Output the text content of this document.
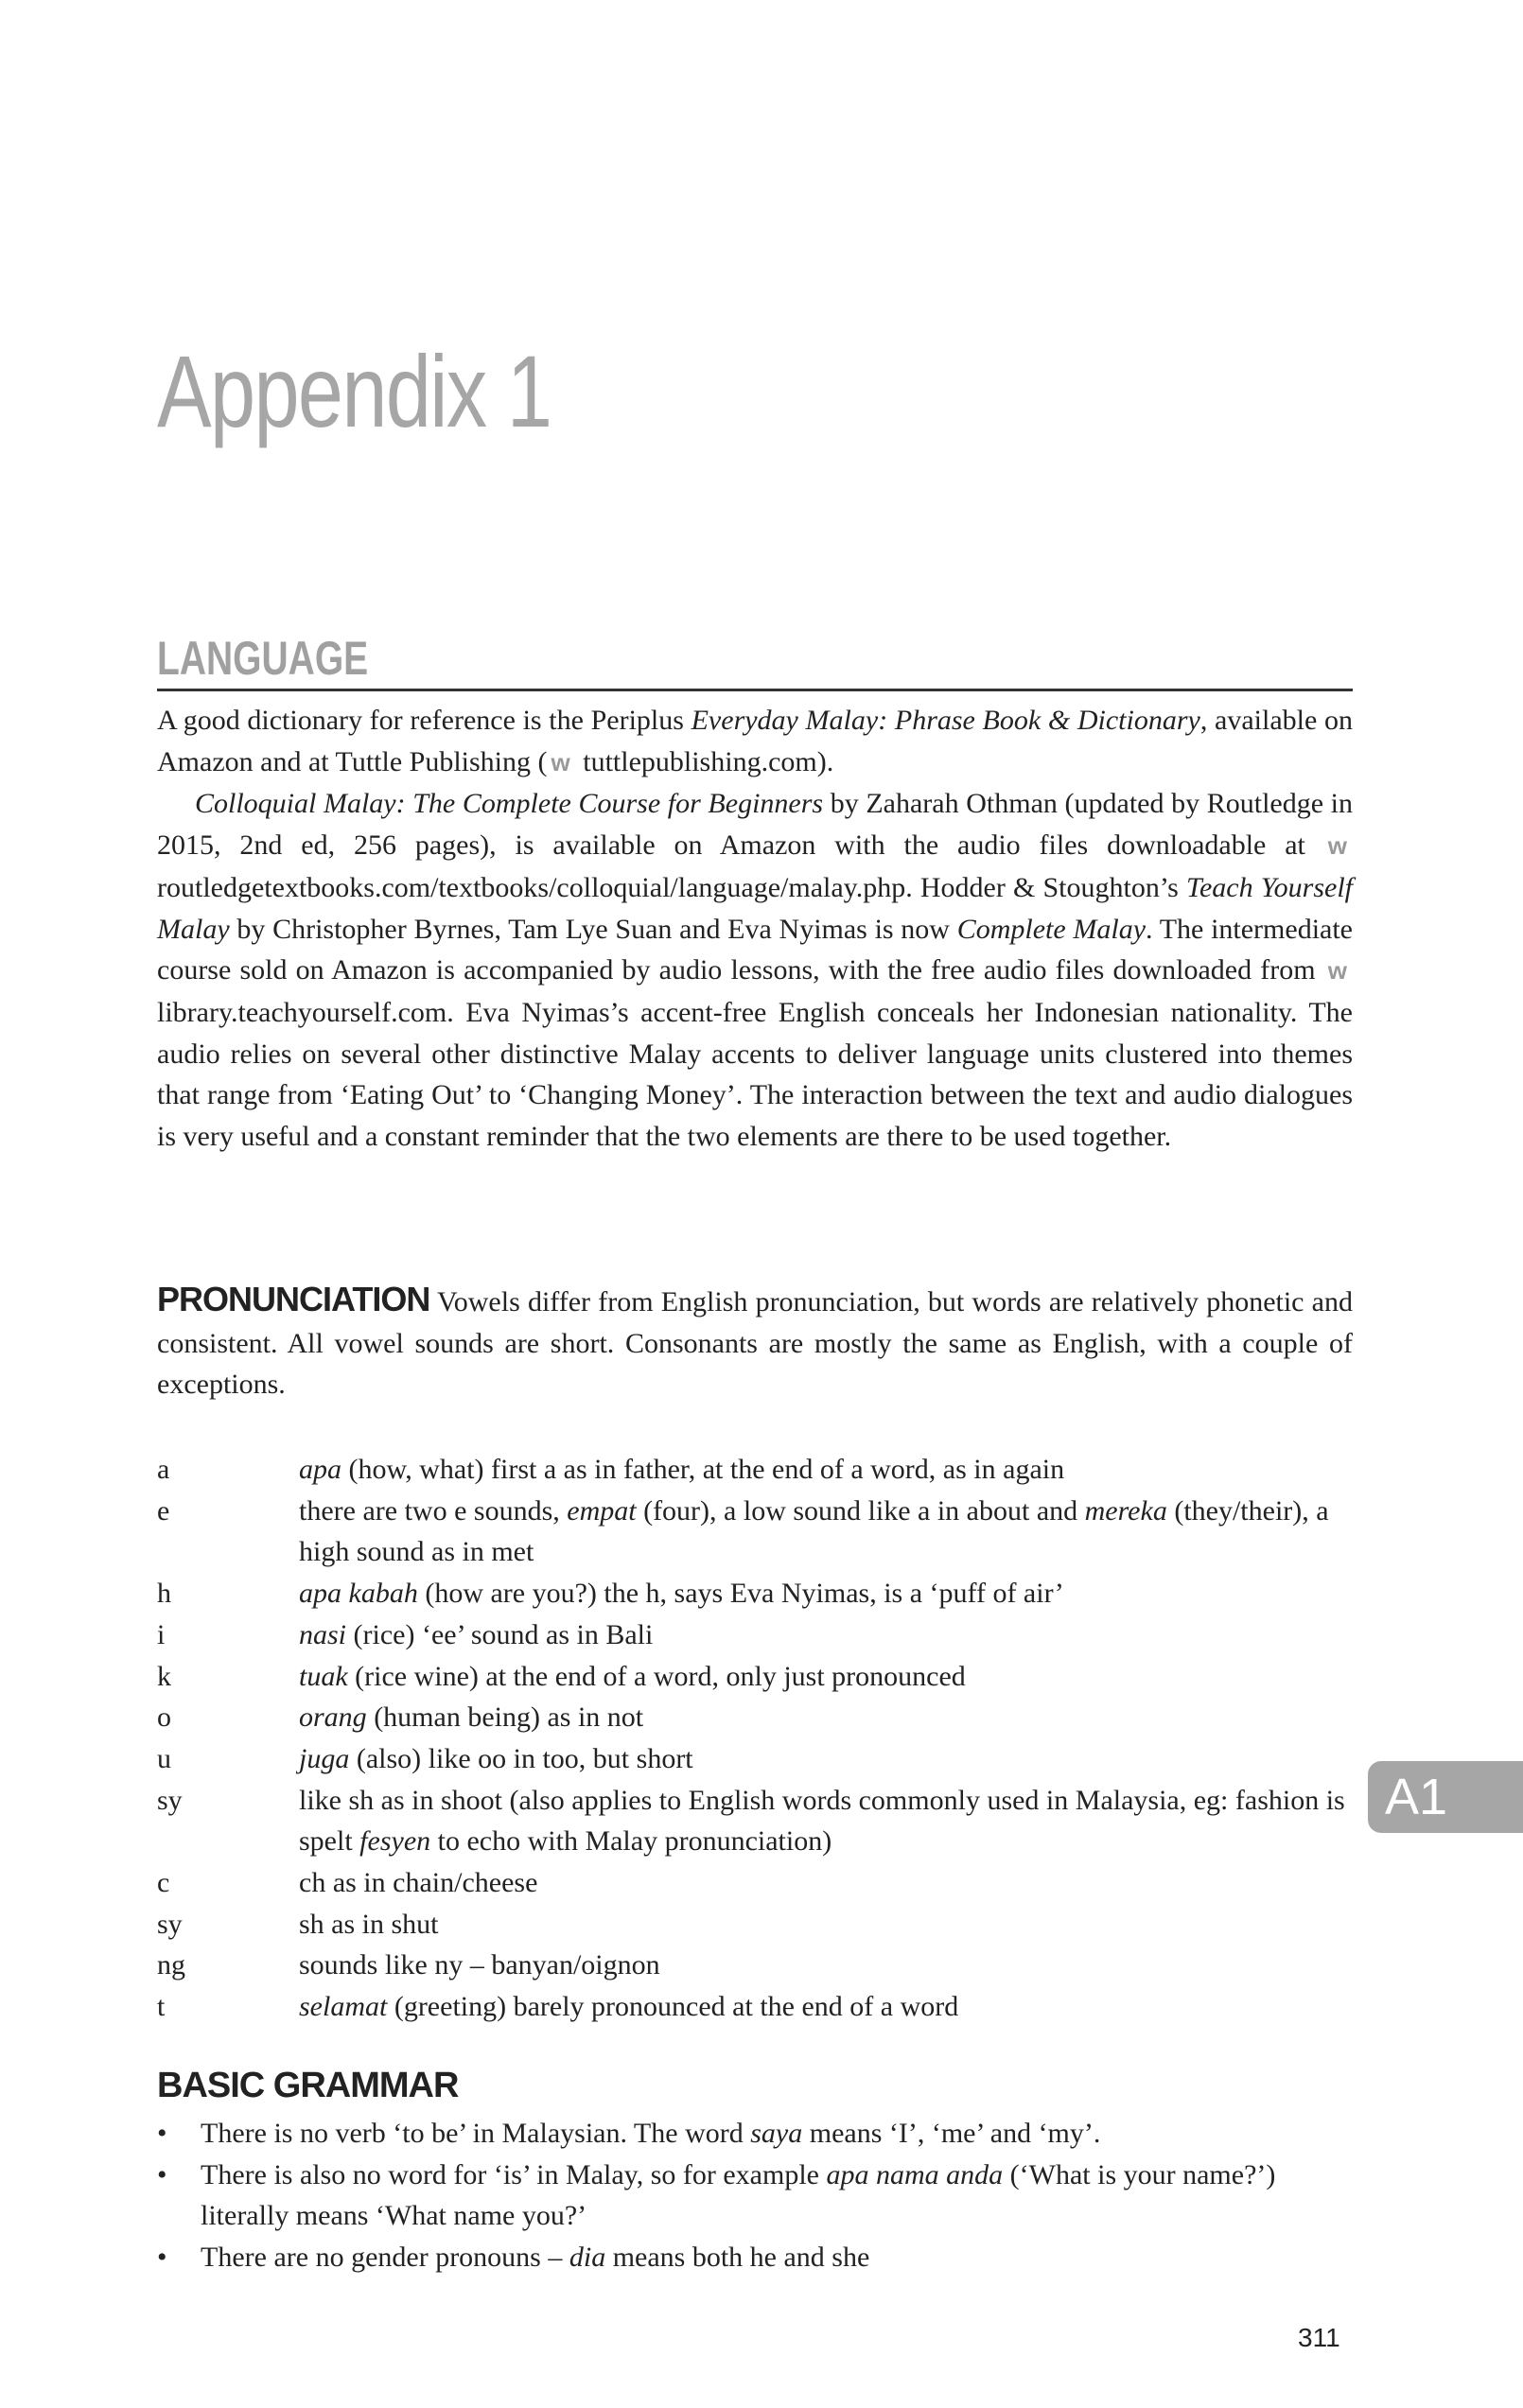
Appendix 1
LANGUAGE

A good dictionary for reference is the Periplus Everyday Malay: Phrase Book & Dictionary, available on Amazon and at Tuttle Publishing ( w tuttlepublishing.com).

Colloquial Malay: The Complete Course for Beginners by Zaharah Othman (updated by Routledge in 2015, 2nd ed, 256 pages), is available on Amazon with the audio files downloadable at w routledgetextbooks.com/textbooks/colloquial/language/malay.php. Hodder & Stoughton’s Teach Yourself Malay by Christopher Byrnes, Tam Lye Suan and Eva Nyimas is now Complete Malay. The intermediate course sold on Amazon is accompanied by audio lessons, with the free audio files downloaded from w library.teachyourself.com. Eva Nyimas’s accent-free English conceals her Indonesian nationality. The audio relies on several other distinctive Malay accents to deliver language units clustered into themes that range from ‘Eating Out’ to ‘Changing Money’. The interaction between the text and audio dialogues is very useful and a constant reminder that the two elements are there to be used together.

PRONUNCIATION Vowels differ from English pronunciation, but words are relatively phonetic and consistent. All vowel sounds are short. Consonants are mostly the same as English, with a couple of exceptions.

a	apa (how, what) first a as in father, at the end of a word, as in again
e	there are two e sounds, empat (four), a low sound like a in about and mereka (they/their), a high sound as in met
h	apa kabah (how are you?) the h, says Eva Nyimas, is a ‘puff of air’
i	nasi (rice) ‘ee’ sound as in Bali
k	tuak (rice wine) at the end of a word, only just pronounced
o	orang (human being) as in not
u	juga (also) like oo in too, but short
sy	like sh as in shoot (also applies to English words commonly used in Malaysia, eg: fashion is spelt fesyen to echo with Malay pronunciation)
c	ch as in chain/cheese
sy	sh as in shut
ng	sounds like ny – banyan/oignon
t	selamat (greeting) barely pronounced at the end of a word
BASIC GRAMMAR
• There is no verb ‘to be’ in Malaysian. The word saya means ‘I’, ‘me’ and ‘my’.
• There is also no word for ‘is’ in Malay, so for example apa nama anda (‘What is your name?’) literally means ‘What name you?’
• There are no gender pronouns – dia means both he and she
A1
311
